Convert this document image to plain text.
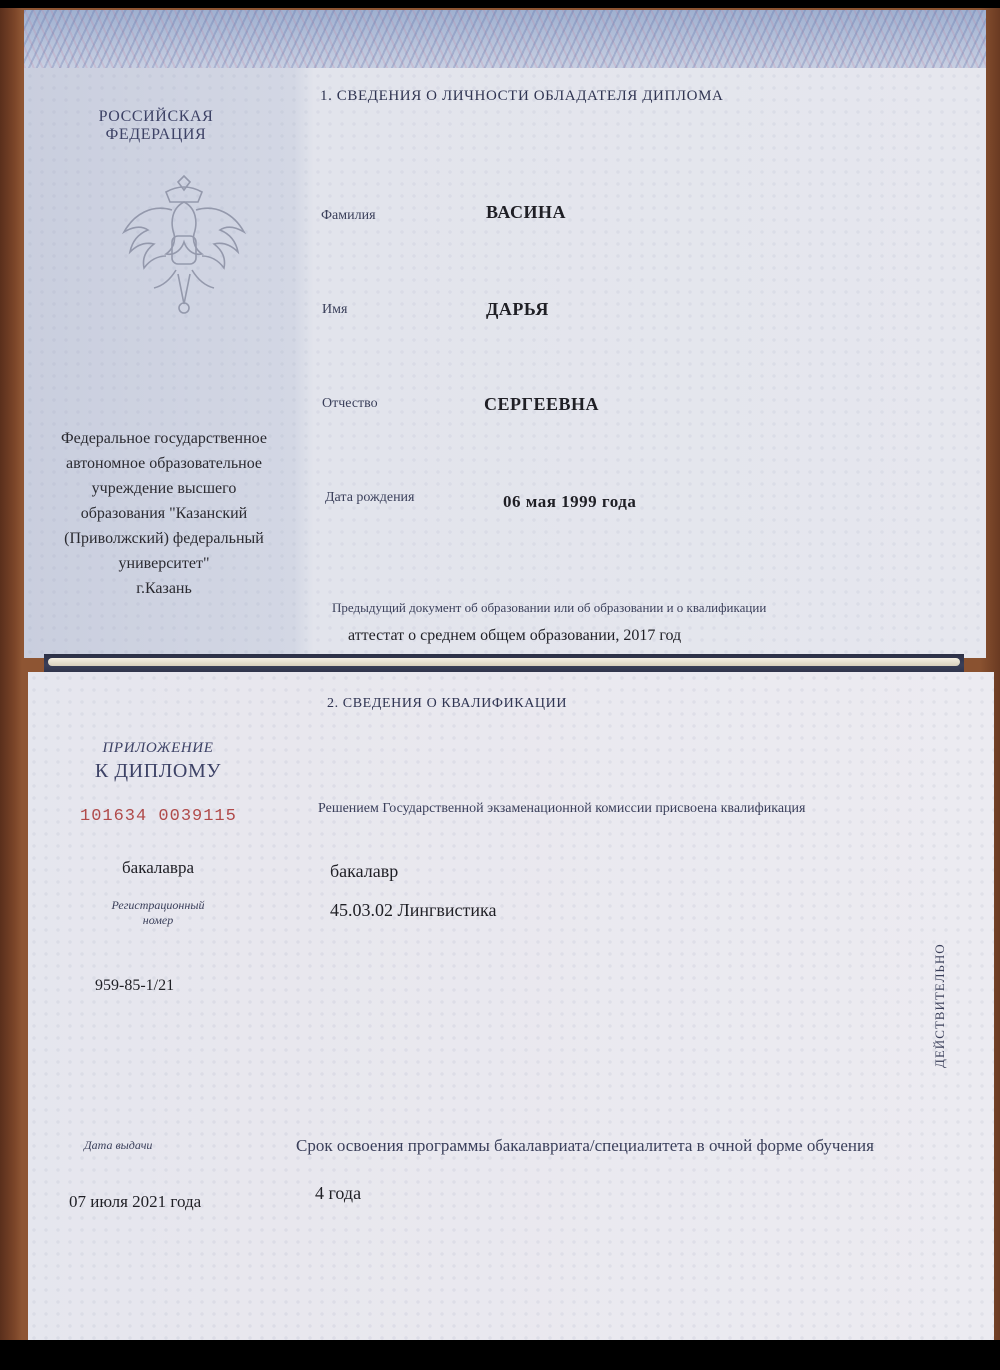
1. СВЕДЕНИЯ О ЛИЧНОСТИ ОБЛАДАТЕЛЯ ДИПЛОМА
РОССИЙСКАЯ
ФЕДЕРАЦИЯ
Фамилия	ВАСИНА
Имя	ДАРЬЯ
Отчество	СЕРГЕЕВНА
Дата рождения	06 мая 1999 года
Федеральное государственное
автономное образовательное
учреждение высшего
образования "Казанский
(Приволжский) федеральный
университет"
г.Казань
Предыдущий документ об образовании или об образовании и о квалификации
аттестат о среднем общем образовании, 2017 год
2. СВЕДЕНИЯ О КВАЛИФИКАЦИИ
ПРИЛОЖЕНИЕ
К ДИПЛОМУ
101634 0039115
бакалавра
Регистрационный
номер
959-85-1/21
Дата выдачи
07 июля 2021 года
Решением Государственной экзаменационной комиссии присвоена квалификация
бакалавр
45.03.02 Лингвистика
Срок освоения программы бакалавриата/специалитета в очной форме обучения
4 года
ДЕЙСТВИТЕЛЬНО
